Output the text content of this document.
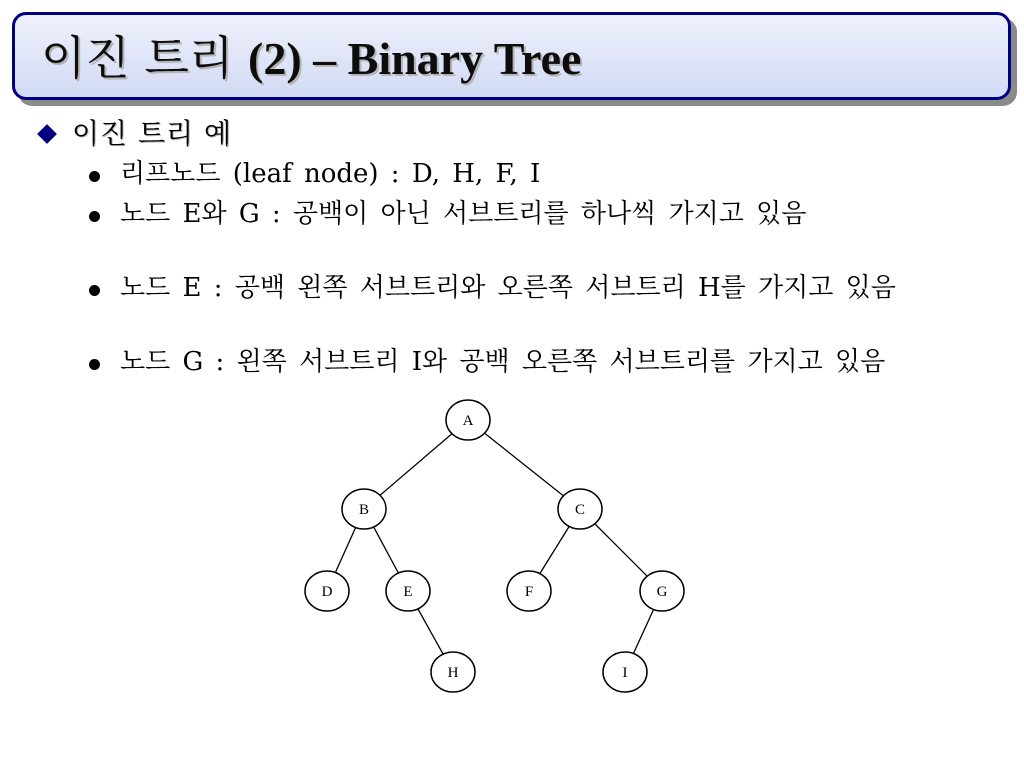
이진 트리 (2) – Binary Tree
이진 트리 예
리프노드 (leaf node) : D, H, F, I
노드 E와 G : 공백이 아닌 서브트리를 하나씩 가지고 있음
노드 E : 공백 왼쪽 서브트리와 오른쪽 서브트리 H를 가지고 있음
노드 G : 왼쪽 서브트리 I와 공백 오른쪽 서브트리를 가지고 있음
A
B	C
D	E	F	G
H	I
